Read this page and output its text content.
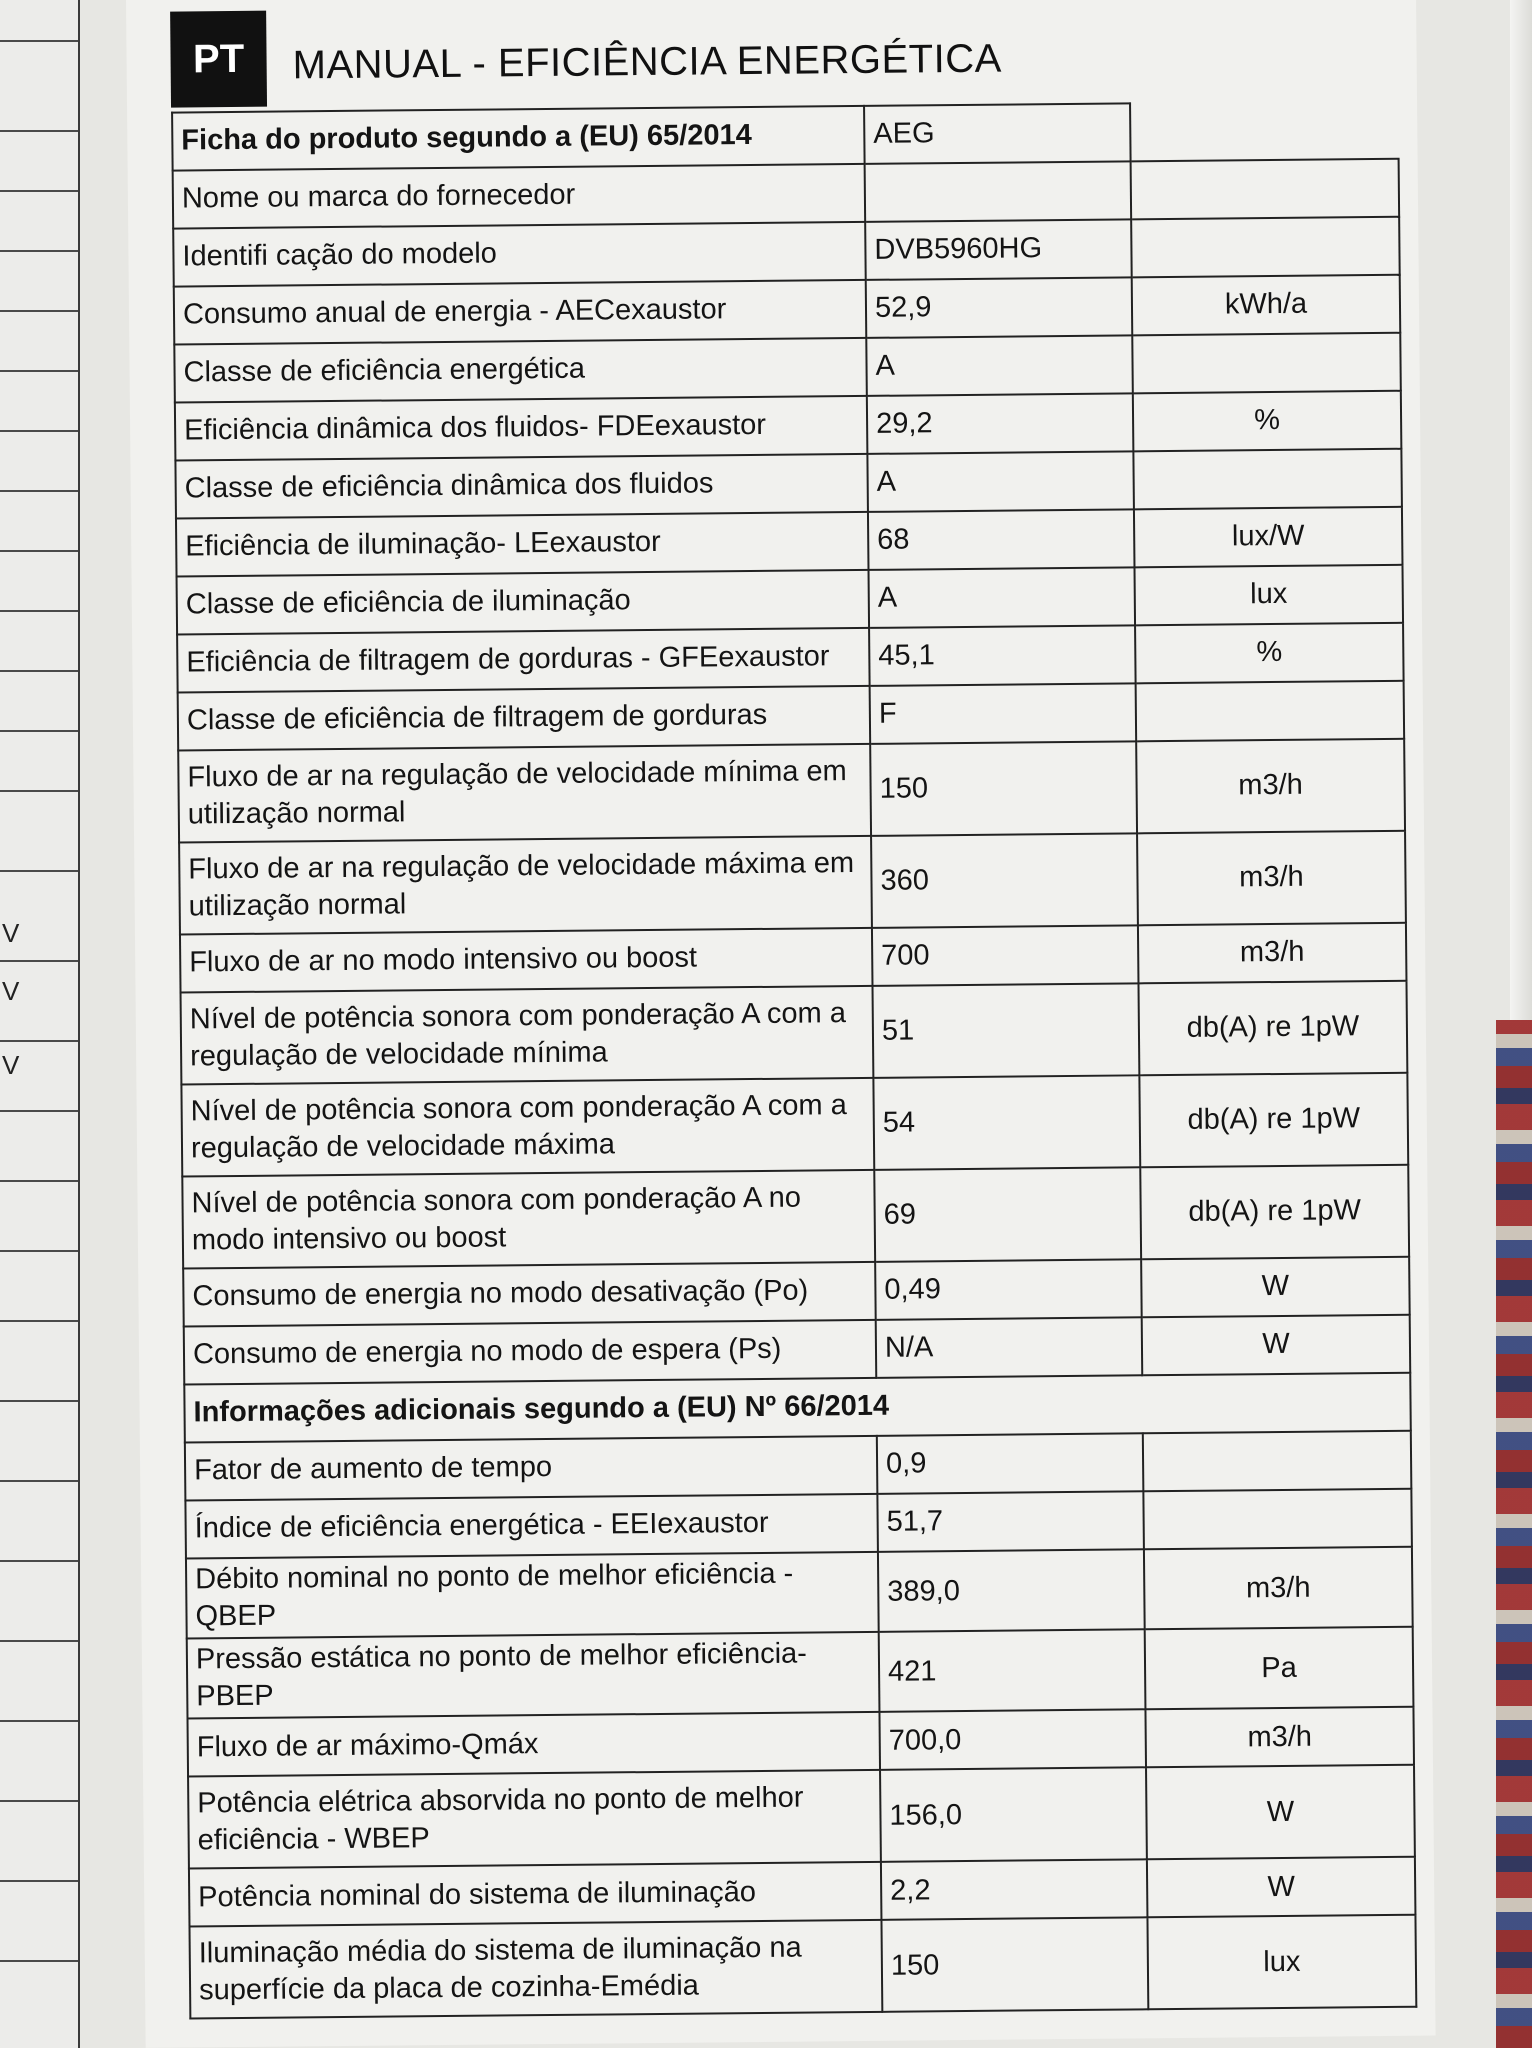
V
V
V
PT	MANUAL - EFICIÊNCIA ENERGÉTICA
Ficha do produto segundo a (EU) 65/2014	AEG	
Nome ou marca do fornecedor		
Identifi cação do modelo	DVB5960HG	
Consumo anual de energia - AECexaustor	52,9	kWh/a
Classe de eficiência energética	A	
Eficiência dinâmica dos fluidos- FDEexaustor	29,2	%
Classe de eficiência dinâmica dos fluidos	A	
Eficiência de iluminação- LEexaustor	68	lux/W
Classe de eficiência de iluminação	A	lux
Eficiência de filtragem de gorduras - GFEexaustor	45,1	%
Classe de eficiência de filtragem de gorduras	F	
Fluxo de ar na regulação de velocidade mínima em utilização normal	150	m3/h
Fluxo de ar na regulação de velocidade máxima em utilização normal	360	m3/h
Fluxo de ar no modo intensivo ou boost	700	m3/h
Nível de potência sonora com ponderação A com a regulação de velocidade mínima	51	db(A) re 1pW
Nível de potência sonora com ponderação A com a regulação de velocidade máxima	54	db(A) re 1pW
Nível de potência sonora com ponderação A no modo intensivo ou boost	69	db(A) re 1pW
Consumo de energia no modo desativação (Po)	0,49	W
Consumo de energia no modo de espera (Ps)	N/A	W
Informações adicionais segundo a (EU) Nº 66/2014		
Fator de aumento de tempo	0,9	
Índice de eficiência energética - EEIexaustor	51,7	
Débito nominal no ponto de melhor eficiência - QBEP	389,0	m3/h
Pressão estática no ponto de melhor eficiência- PBEP	421	Pa
Fluxo de ar máximo-Qmáx	700,0	m3/h
Potência elétrica absorvida no ponto de melhor eficiência - WBEP	156,0	W
Potência nominal do sistema de iluminação	2,2	W
Iluminação média do sistema de iluminação na superfície da placa de cozinha-Emédia	150	lux
